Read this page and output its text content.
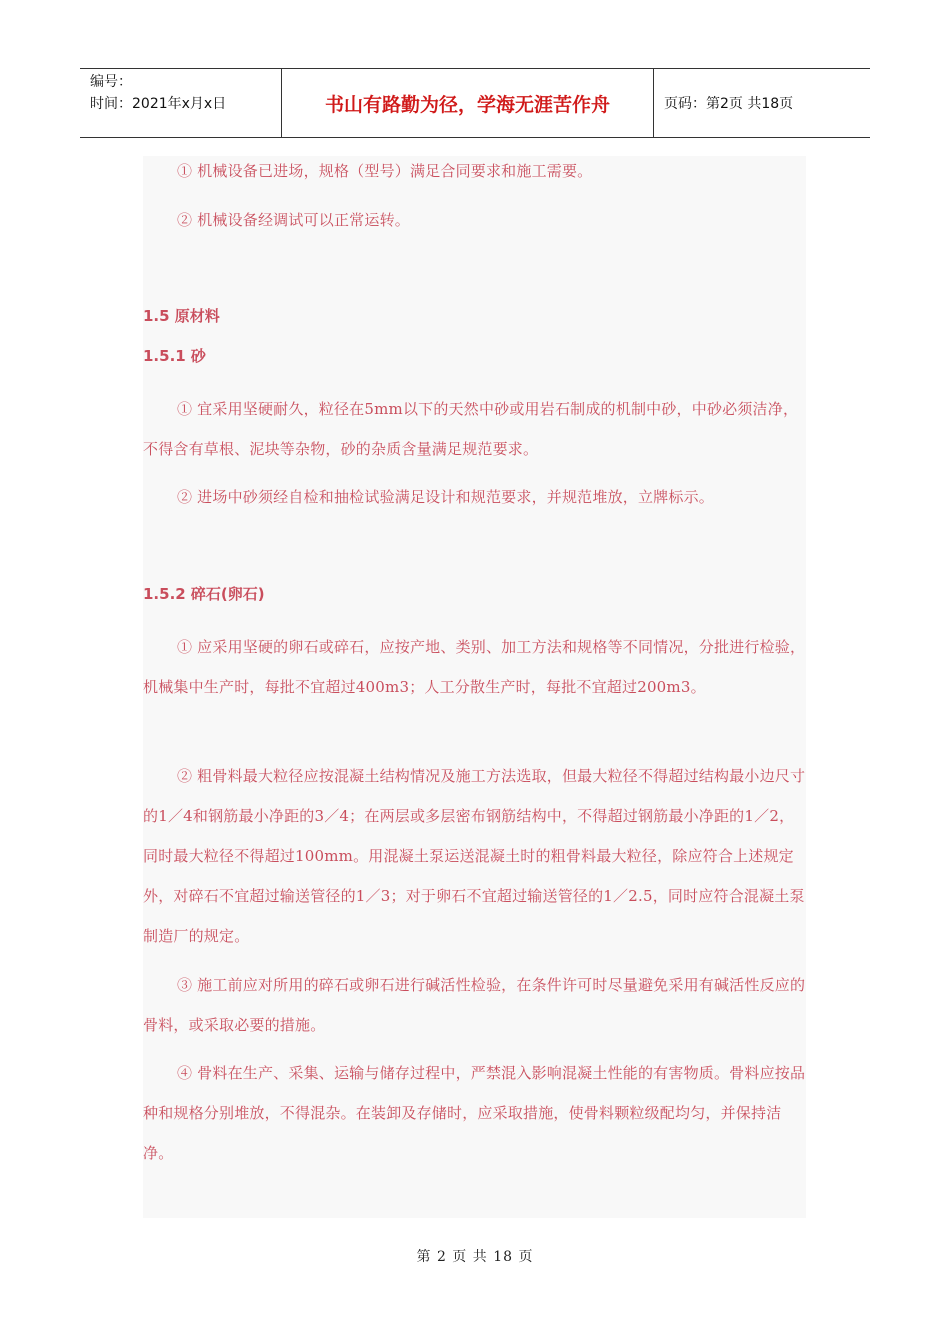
编号：
时间：2021年x月x日	书山有路勤为径，学海无涯苦作舟	页码：第2页 共18页
① 机械设备已进场，规格（型号）满足合同要求和施工需要。
② 机械设备经调试可以正常运转。
1.5 原材料
1.5.1 砂
① 宜采用坚硬耐久，粒径在5mm以下的天然中砂或用岩石制成的机制中砂，中砂必须洁净，不得含有草根、泥块等杂物，砂的杂质含量满足规范要求。
② 进场中砂须经自检和抽检试验满足设计和规范要求，并规范堆放，立牌标示。
1.5.2 碎石(卵石)
① 应采用坚硬的卵石或碎石，应按产地、类别、加工方法和规格等不同情况，分批进行检验，机械集中生产时，每批不宜超过400m3；人工分散生产时，每批不宜超过200m3。
② 粗骨料最大粒径应按混凝土结构情况及施工方法选取，但最大粒径不得超过结构最小边尺寸的1／4和钢筋最小净距的3／4；在两层或多层密布钢筋结构中，不得超过钢筋最小净距的1／2，同时最大粒径不得超过100mm。用混凝土泵运送混凝土时的粗骨料最大粒径，除应符合上述规定外，对碎石不宜超过输送管径的1／3；对于卵石不宜超过输送管径的1／2.5，同时应符合混凝土泵制造厂的规定。
③ 施工前应对所用的碎石或卵石进行碱活性检验，在条件许可时尽量避免采用有碱活性反应的骨料，或采取必要的措施。
④ 骨料在生产、采集、运输与储存过程中，严禁混入影响混凝土性能的有害物质。骨料应按品种和规格分别堆放，不得混杂。在装卸及存储时，应采取措施，使骨料颗粒级配均匀，并保持洁净。
第 2 页 共 18 页
